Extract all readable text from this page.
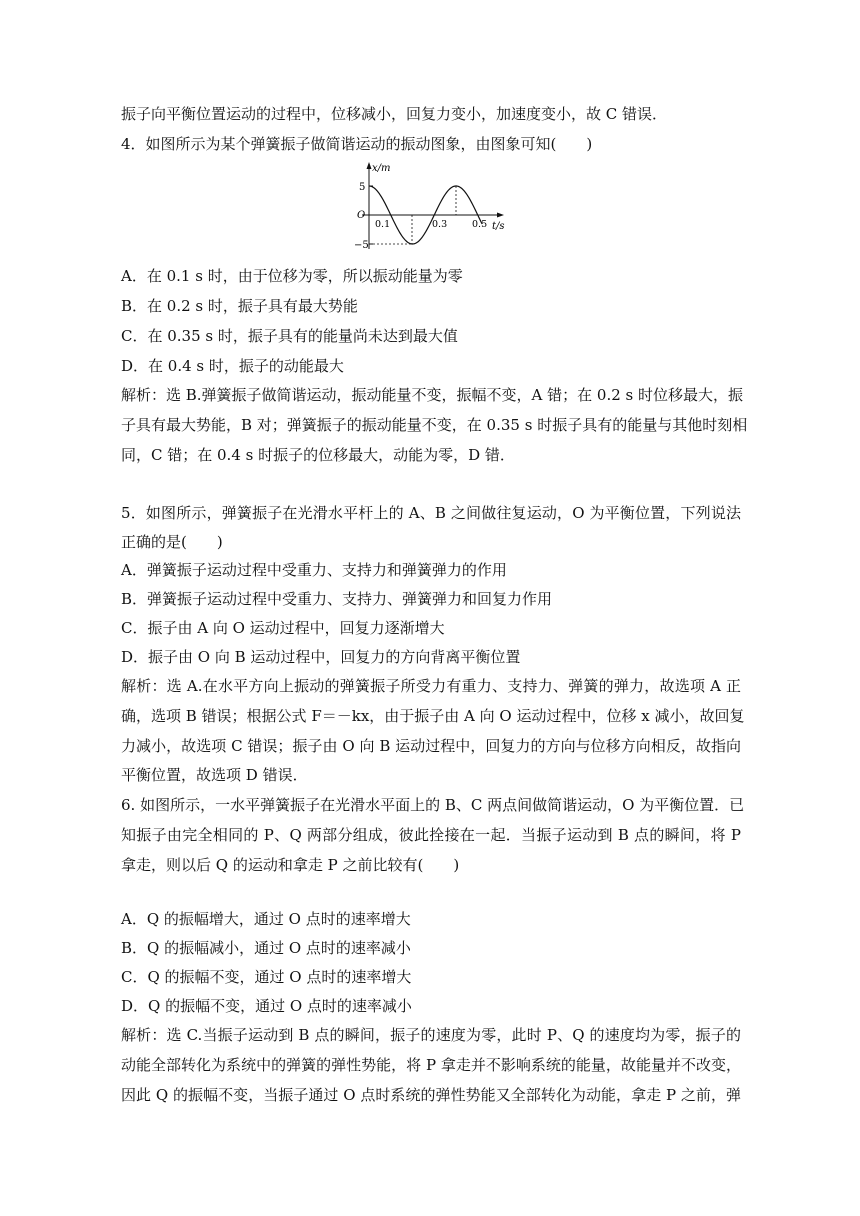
振子向平衡位置运动的过程中，位移减小，回复力变小，加速度变小，故 C 错误．
4．如图所示为某个弹簧振子做简谐运动的振动图象，由图象可知(　　)
x/m
t/s
5
−5
O
0.1	0.3	0.5
A．在 0.1 s 时，由于位移为零，所以振动能量为零
B．在 0.2 s 时，振子具有最大势能
C．在 0.35 s 时，振子具有的能量尚未达到最大值
D．在 0.4 s 时，振子的动能最大
解析：选 B.弹簧振子做简谐运动，振动能量不变，振幅不变，A 错；在 0.2 s 时位移最大，振
子具有最大势能，B 对；弹簧振子的振动能量不变，在 0.35 s 时振子具有的能量与其他时刻相
同，C 错；在 0.4 s 时振子的位移最大，动能为零，D 错．
5．如图所示，弹簧振子在光滑水平杆上的 A、B 之间做往复运动，O 为平衡位置，下列说法
正确的是(　　)
A．弹簧振子运动过程中受重力、支持力和弹簧弹力的作用
B．弹簧振子运动过程中受重力、支持力、弹簧弹力和回复力作用
C．振子由 A 向 O 运动过程中，回复力逐渐增大
D．振子由 O 向 B 运动过程中，回复力的方向背离平衡位置
解析：选 A.在水平方向上振动的弹簧振子所受力有重力、支持力、弹簧的弹力，故选项 A 正
确，选项 B 错误；根据公式 F＝－kx，由于振子由 A 向 O 运动过程中，位移 x 减小，故回复
力减小，故选项 C 错误；振子由 O 向 B 运动过程中，回复力的方向与位移方向相反，故指向
平衡位置，故选项 D 错误．
6. 如图所示，一水平弹簧振子在光滑水平面上的 B、C 两点间做简谐运动，O 为平衡位置．已
知振子由完全相同的 P、Q 两部分组成，彼此拴接在一起．当振子运动到 B 点的瞬间，将 P
拿走，则以后 Q 的运动和拿走 P 之前比较有(　　)
A．Q 的振幅增大，通过 O 点时的速率增大
B．Q 的振幅减小，通过 O 点时的速率减小
C．Q 的振幅不变，通过 O 点时的速率增大
D．Q 的振幅不变，通过 O 点时的速率减小
解析：选 C.当振子运动到 B 点的瞬间，振子的速度为零，此时 P、Q 的速度均为零，振子的
动能全部转化为系统中的弹簧的弹性势能，将 P 拿走并不影响系统的能量，故能量并不改变，
因此 Q 的振幅不变，当振子通过 O 点时系统的弹性势能又全部转化为动能，拿走 P 之前，弹
